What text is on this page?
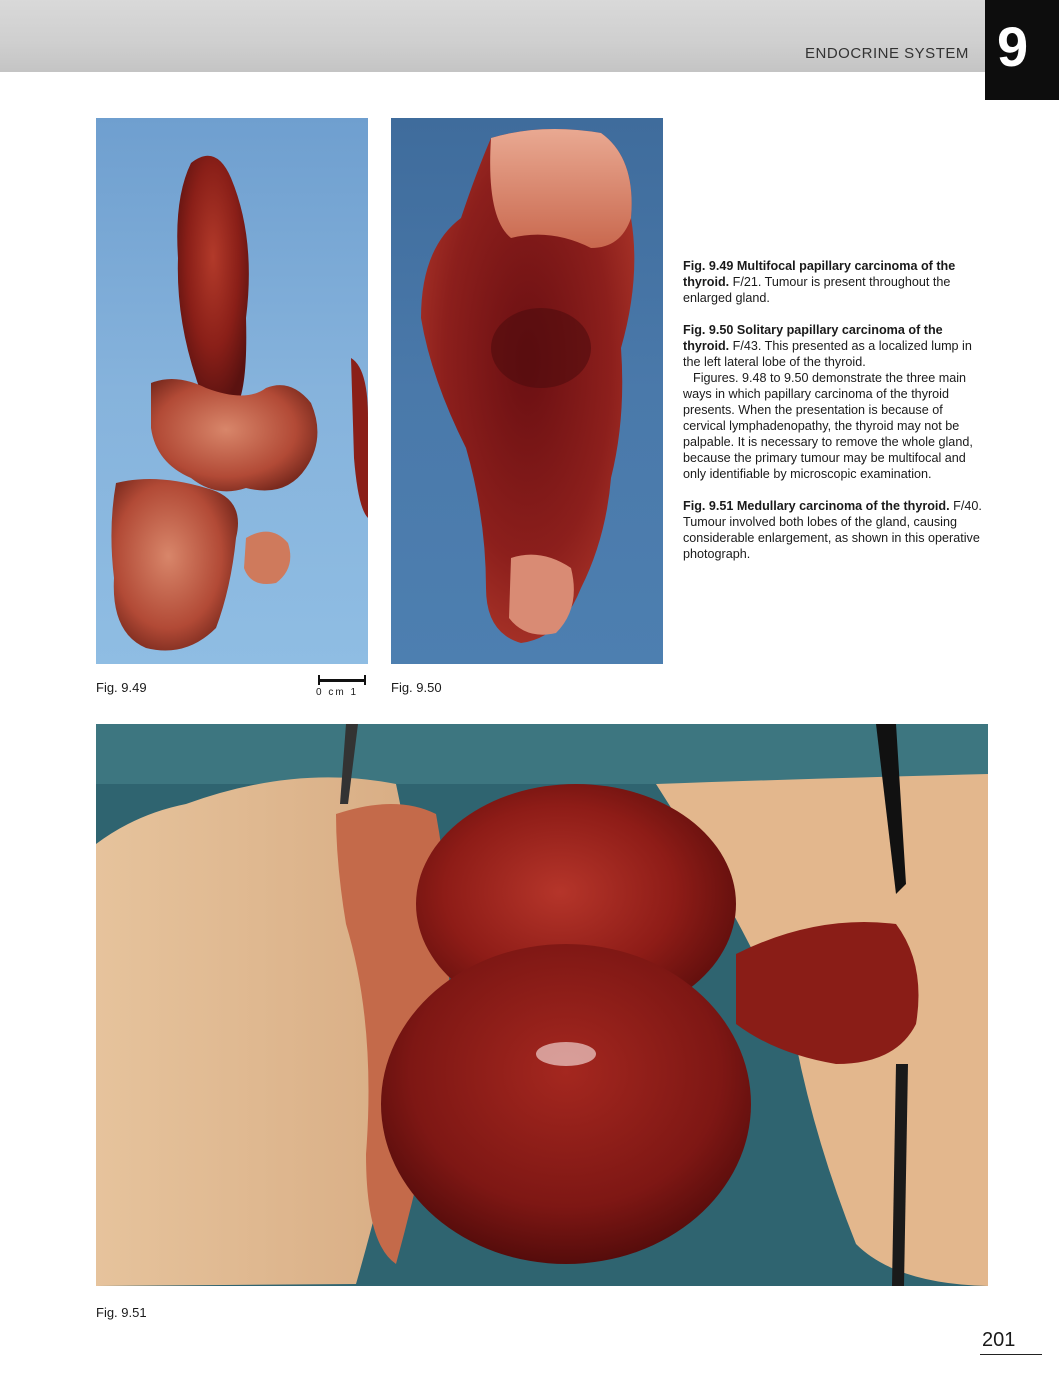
ENDOCRINE SYSTEM 9
Fig. 9.49	0 cm 1	Fig. 9.50

Fig. 9.49 Multifocal papillary carcinoma of the thyroid. F/21. Tumour is present throughout the enlarged gland.

Fig. 9.50 Solitary papillary carcinoma of the thyroid. F/43. This presented as a localized lump in the left lateral lobe of the thyroid.

Figures. 9.48 to 9.50 demonstrate the three main ways in which papillary carcinoma of the thyroid presents. When the presentation is because of cervical lymphadenopathy, the thyroid may not be palpable. It is necessary to remove the whole gland, because the primary tumour may be multifocal and only identifiable by microscopic examination.

Fig. 9.51 Medullary carcinoma of the thyroid. F/40. Tumour involved both lobes of the gland, causing considerable enlargement, as shown in this operative photograph.

Fig. 9.51
201
